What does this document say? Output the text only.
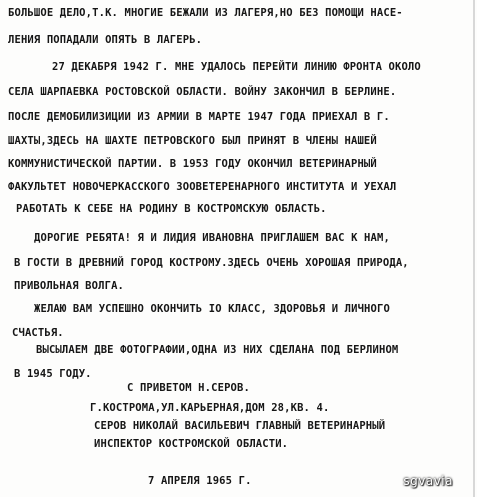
БОЛЬШОЕ ДЕЛО,Т.К. МНОГИЕ БЕЖАЛИ ИЗ ЛАГЕРЯ,НО БЕЗ ПОМОЩИ НАСЕ-
ЛЕНИЯ ПОПАДАЛИ ОПЯТЬ В ЛАГЕРЬ.
27 ДЕКАБРЯ 1942 Г. МНЕ УДАЛОСЬ ПЕРЕЙТИ ЛИНИЮ ФРОНТА ОКОЛО
СЕЛА ШАРПАЕВКА РОСТОВСКОЙ ОБЛАСТИ. ВОЙНУ ЗАКОНЧИЛ В БЕРЛИНЕ.
ПОСЛЕ ДЕМОБИЛИЗИЦИИ ИЗ АРМИИ В МАРТЕ 1947 ГОДА ПРИЕХАЛ В Г.
ШАХТЫ,ЗДЕСЬ НА ШАХТЕ ПЕТРОВСКОГО БЫЛ ПРИНЯТ В ЧЛЕНЫ НАШЕЙ
КОММУНИСТИЧЕСКОЙ ПАРТИИ. В 1953 ГОДУ ОКОНЧИЛ ВЕТЕРИНАРНЫЙ
ФАКУЛЬТЕТ НОВОЧЕРКАССКОГО ЗООВЕТЕРЕНАРНОГО ИНСТИТУТА И УЕХАЛ
РАБОТАТЬ К СЕБЕ НА РОДИНУ В КОСТРОМСКУЮ ОБЛАСТЬ.
ДОРОГИЕ РЕБЯТА! Я И ЛИДИЯ ИВАНОВНА ПРИГЛАШЕМ ВАС К НАМ,
В ГОСТИ В ДРЕВНИЙ ГОРОД КОСТРОМУ.ЗДЕСЬ ОЧЕНЬ ХОРОШАЯ ПРИРОДА,
ПРИВОЛЬНАЯ ВОЛГА.
ЖЕЛАЮ ВАМ УСПЕШНО ОКОНЧИТЬ IO КЛАСС, ЗДОРОВЬЯ И ЛИЧНОГО
СЧАСТЬЯ.
ВЫСЫЛАЕМ ДВЕ ФОТОГРАФИИ,ОДНА ИЗ НИХ СДЕЛАНА ПОД БЕРЛИНОМ
В 1945 ГОДУ.
С ПРИВЕТОМ Н.СЕРОВ.
Г.КОСТРОМА,УЛ.КАРЬЕРНАЯ,ДОМ 28,КВ. 4.
СЕРОВ НИКОЛАЙ ВАСИЛЬЕВИЧ ГЛАВНЫЙ ВЕТЕРИНАРНЫЙ
ИНСПЕКТОР КОСТРОМСКОЙ ОБЛАСТИ.
7 АПРЕЛЯ 1965 Г.	sgvavia
